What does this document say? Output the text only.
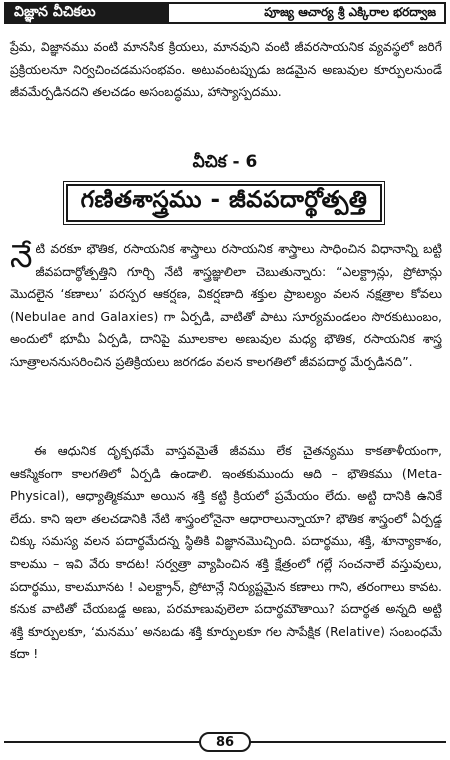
విజ్ఞాన వీచికలు	పూజ్య ఆచార్య శ్రీ ఎక్కిరాల భరద్వాజ

ప్రేమ, విజ్ఞానము వంటి మానసిక క్రియలు, మానవుని వంటి జీవరసాయనిక వ్యవస్థలో జరిగే ప్రక్రియలనూ నిర్వచించడమసంభవం. అటువంటప్పుడు జడమైన అణువుల కూర్పులనుండే జీవమేర్పడినదని తలచడం అసంబద్ధము, హాస్యాస్పదము.

వీచిక - 6
గణితశాస్త్రము - జీవపదార్థోత్పత్తి

నేటి వరకూ భౌతిక, రసాయనిక శాస్త్రాలు రసాయనిక శాస్త్రాలు సాధించిన విధానాన్ని బట్టి జీవపదార్థోత్పత్తిని గూర్చి నేటి శాస్త్రజ్ఞులిలా చెబుతున్నారు: “ఎలక్ట్రాన్లు, ప్రోటాన్లు మొదలైన ‘కణాలు’ పరస్పర ఆకర్షణ, వికర్షణాది శక్తుల ప్రాబల్యం వలన నక్షత్రాల కోవలు (Nebulae and Galaxies) గా ఏర్పడి, వాటితో పాటు సూర్యమండలం సొరకుటుంబం, అందులో భూమీ ఏర్పడి, దానిపై మూలకాల అణువుల మధ్య భౌతిక, రసాయనిక శాస్త్ర సూత్రాలననుసరించిన ప్రతిక్రియలు జరగడం వలన కాలగతిలో జీవపదార్థ మేర్పడినది”.

ఈ ఆధునిక దృక్పథమే వాస్తవమైతే జీవము లేక చైతన్యము కాకతాళీయంగా, ఆకస్మికంగా కాలగతిలో ఏర్పడి ఉండాలి. ఇంతకుముందు ఆది – భౌతికము (Meta-Physical), ఆధ్యాత్మికమూ అయిన శక్తి కట్టి క్రియలో ప్రమేయం లేదు. అట్టి దానికి ఉనికే లేదు. కాని ఇలా తలచడానికి నేటి శాస్త్రంలోనైనా ఆధారాలున్నాయా? భౌతిక శాస్త్రంలో ఏర్పడ్డ చిక్కు సమస్య వలన పదార్థమేదన్న స్థితికి విజ్ఞానమొచ్చింది. పదార్థము, శక్తి, శూన్యాకాశం, కాలము – ఇవి వేరు కాదట! సర్వత్రా వ్యాపించిన శక్తి క్షేత్రంలో గల్లే సంచనాలే వస్తువులు, పదార్థము, కాలమూనట ! ఎలక్ట్రాన్, ప్రోటాన్లే నిర్యుష్టమైన కణాలు గాని, తరంగాలు కావట. కనుక వాటితో చేయబడ్డ అణు, పరమాణువులెలా పదార్థమౌతాయి? పదార్థత అన్నది అట్టి శక్తి కూర్పులకూ, ‘మనము’ అనబడు శక్తి కూర్పులకూ గల సాపేక్షిక (Relative) సంబంధమే కదా !

86
